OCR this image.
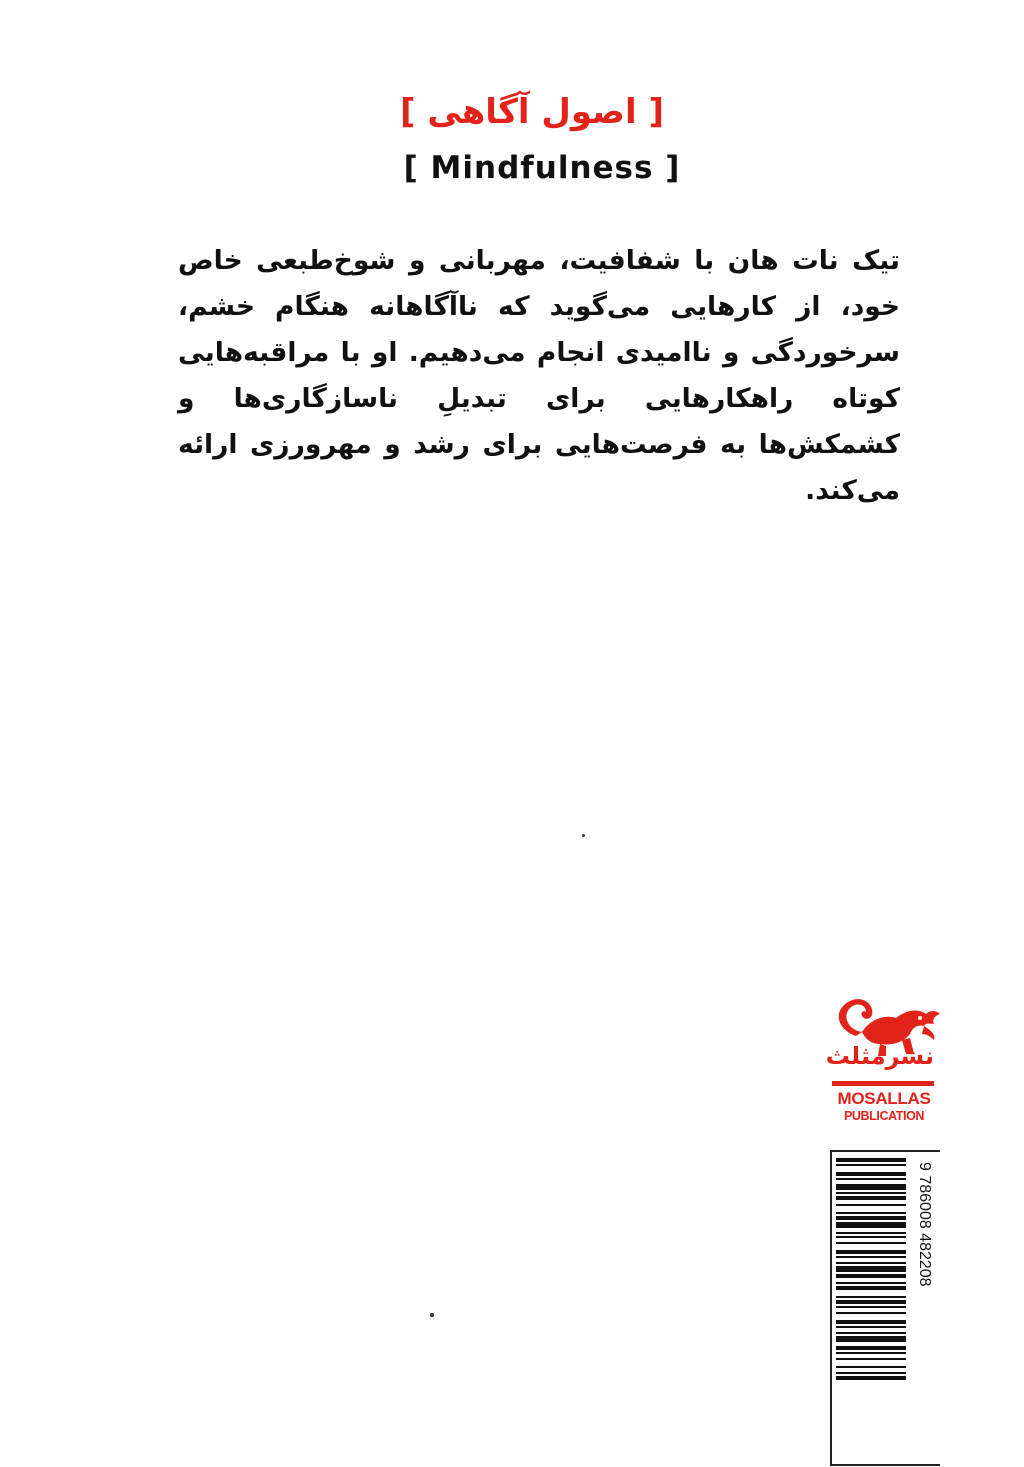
[ اصول آگاهی ]
[ Mindfulness ]
تیک نات هان با شفافیت، مهربانی و شوخ‌طبعی خاص خود، از کارهایی می‌گوید که ناآگاهانه هنگام خشم، سرخوردگی و ناامیدی انجام می‌دهیم. او با مراقبه‌هایی کوتاه راهکارهایی برای تبدیلِ ناسازگاری‌ها و کشمکش‌ها به فرصت‌هایی برای رشد و مهرورزی ارائه می‌کند.
نشرمثلث
MOSALLAS
PUBLICATION
9 786008 482208
